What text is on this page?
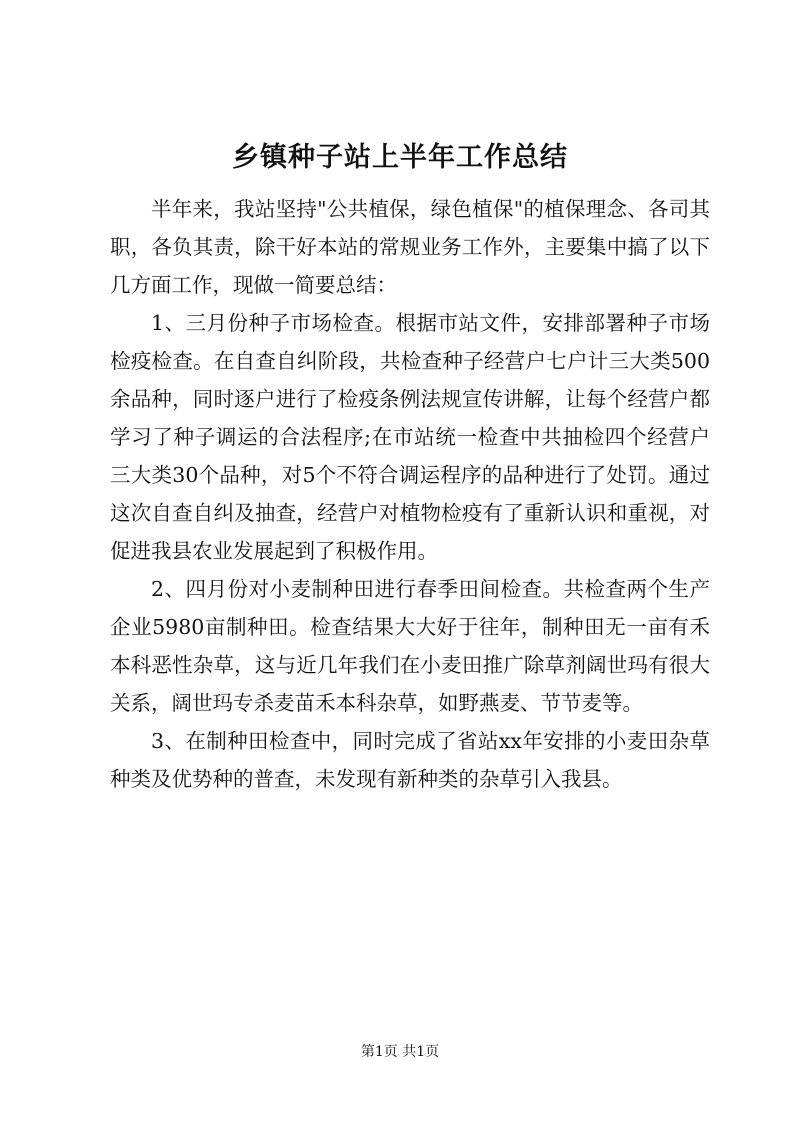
乡镇种子站上半年工作总结

半年来，我站坚持"公共植保，绿色植保"的植保理念、各司其职，各负其责，除干好本站的常规业务工作外，主要集中搞了以下几方面工作，现做一简要总结：

1、三月份种子市场检查。根据市站文件，安排部署种子市场检疫检查。在自查自纠阶段，共检查种子经营户七户计三大类500余品种，同时逐户进行了检疫条例法规宣传讲解，让每个经营户都学习了种子调运的合法程序;在市站统一检查中共抽检四个经营户三大类30个品种，对5个不符合调运程序的品种进行了处罚。通过这次自查自纠及抽查，经营户对植物检疫有了重新认识和重视，对促进我县农业发展起到了积极作用。

2、四月份对小麦制种田进行春季田间检查。共检查两个生产企业5980亩制种田。检查结果大大好于往年，制种田无一亩有禾本科恶性杂草，这与近几年我们在小麦田推广除草剂阔世玛有很大关系，阔世玛专杀麦苗禾本科杂草，如野燕麦、节节麦等。

3、在制种田检查中，同时完成了省站xx年安排的小麦田杂草种类及优势种的普查，未发现有新种类的杂草引入我县。

第1页 共1页
